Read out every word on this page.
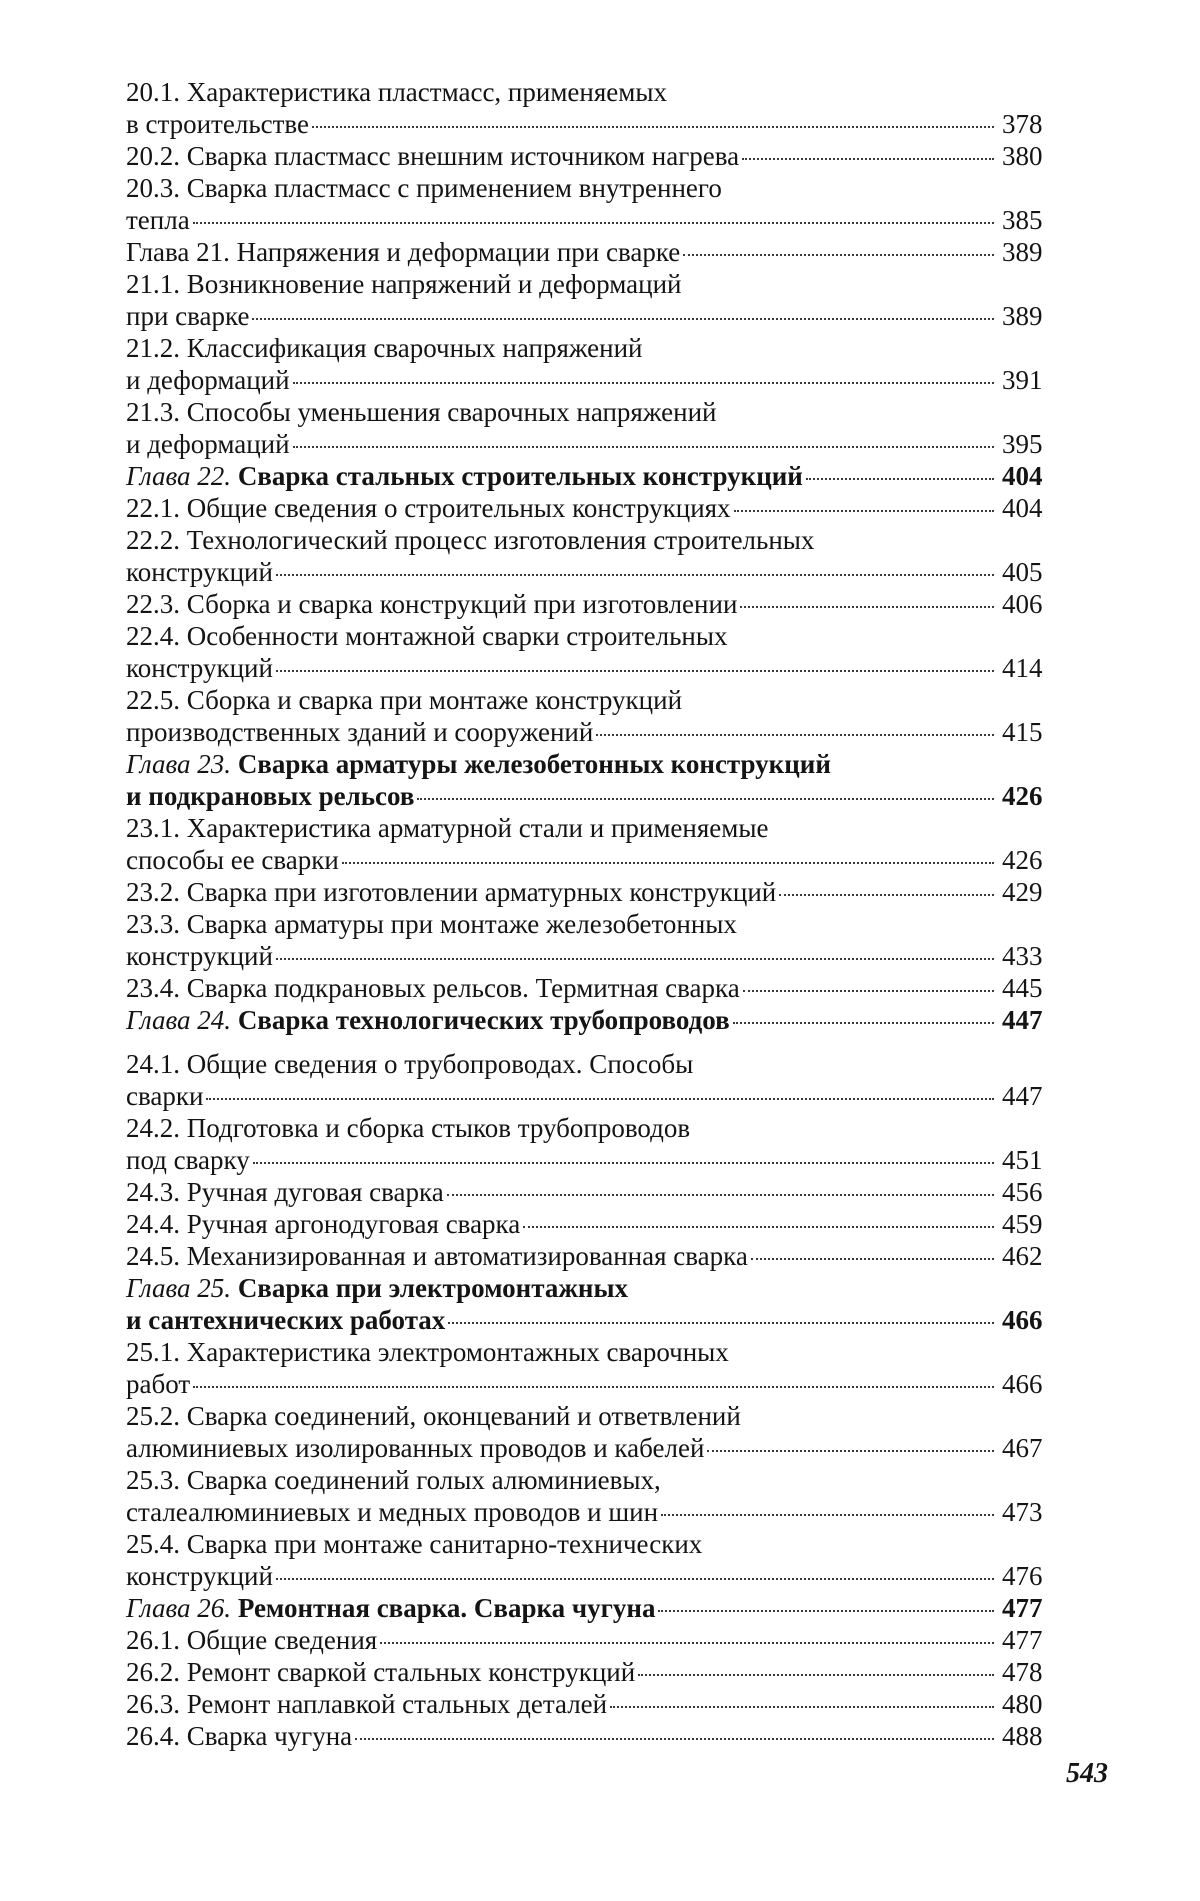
20.1. Характеристика пластмасс, применяемых
в строительстве	378
20.2. Сварка пластмасс внешним источником нагрева	380
20.3. Сварка пластмасс с применением внутреннего
тепла	385
Глава 21. Напряжения и деформации при сварке	389
21.1. Возникновение напряжений и деформаций
при сварке	389
21.2. Классификация сварочных напряжений
и деформаций	391
21.3. Способы уменьшения сварочных напряжений
и деформаций	395
Глава 22. Сварка стальных строительных конструкций	404
22.1. Общие сведения о строительных конструкциях	404
22.2. Технологический процесс изготовления строительных
конструкций	405
22.3. Сборка и сварка конструкций при изготовлении	406
22.4. Особенности монтажной сварки строительных
конструкций	414
22.5. Сборка и сварка при монтаже конструкций
производственных зданий и сооружений	415
Глава 23. Сварка арматуры железобетонных конструкций
и подкрановых рельсов	426
23.1. Характеристика арматурной стали и применяемые
способы ее сварки	426
23.2. Сварка при изготовлении арматурных конструкций	429
23.3. Сварка арматуры при монтаже железобетонных
конструкций	433
23.4. Сварка подкрановых рельсов. Термитная сварка	445
Глава 24. Сварка технологических трубопроводов	447
24.1. Общие сведения о трубопроводах. Способы
сварки	447
24.2. Подготовка и сборка стыков трубопроводов
под сварку	451
24.3. Ручная дуговая сварка	456
24.4. Ручная аргонодуговая сварка	459
24.5. Механизированная и автоматизированная сварка	462
Глава 25. Сварка при электромонтажных
и сантехнических работах	466
25.1. Характеристика электромонтажных сварочных
работ	466
25.2. Сварка соединений, оконцеваний и ответвлений
алюминиевых изолированных проводов и кабелей	467
25.3. Сварка соединений голых алюминиевых,
сталеалюминиевых и медных проводов и шин	473
25.4. Сварка при монтаже санитарно-технических
конструкций	476
Глава 26. Ремонтная сварка. Сварка чугуна	477
26.1. Общие сведения	477
26.2. Ремонт сваркой стальных конструкций	478
26.3. Ремонт наплавкой стальных деталей	480
26.4. Сварка чугуна	488
543
